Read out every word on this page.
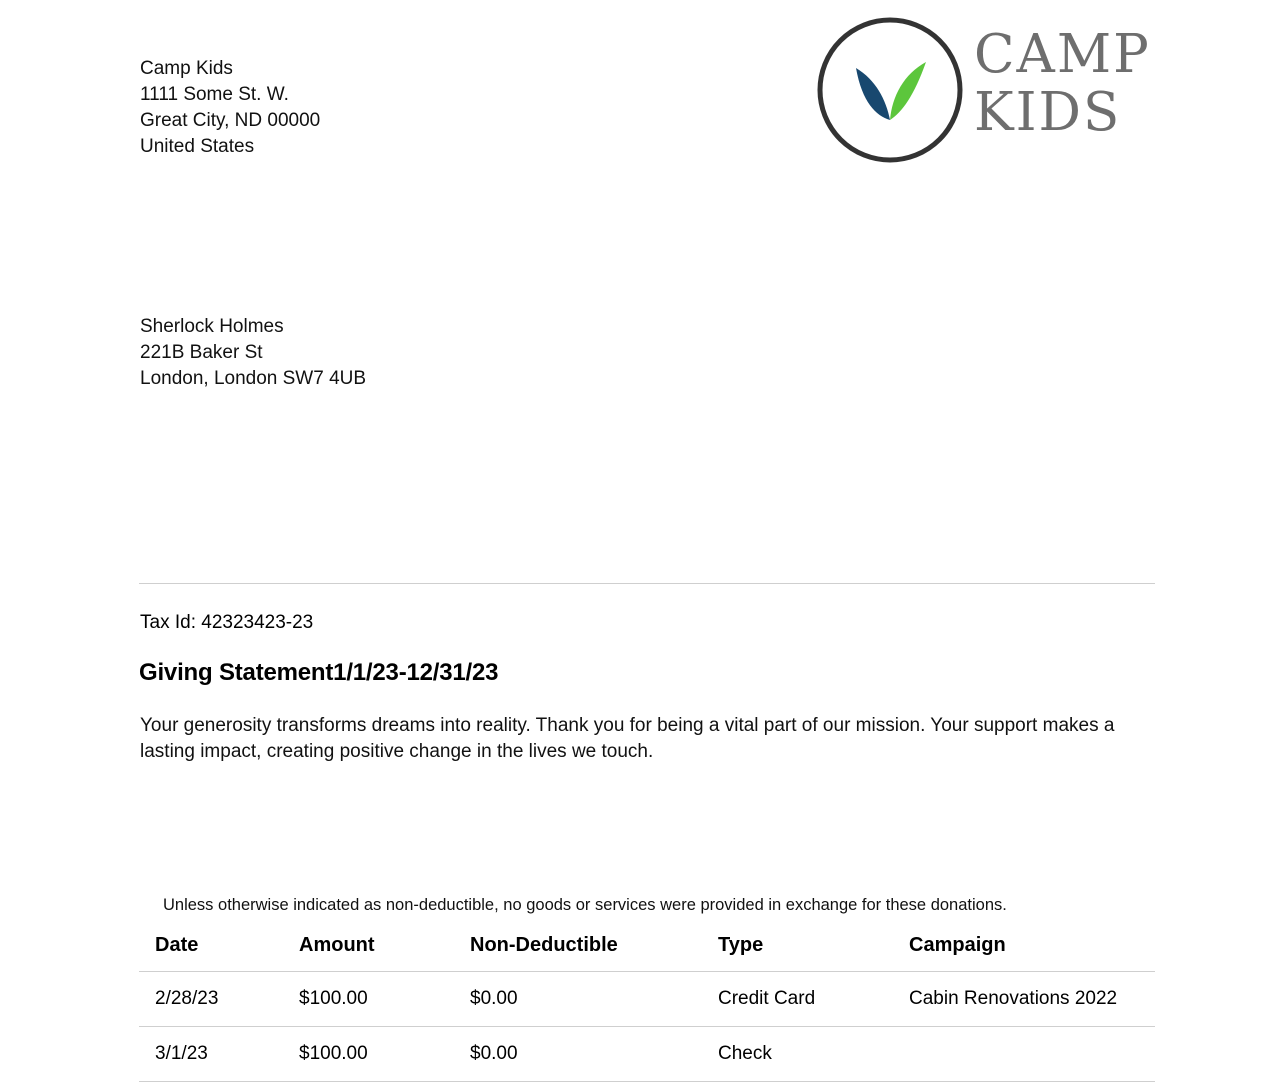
Camp Kids
1111 Some St. W.
Great City, ND 00000
United States
CAMP
KIDS
Sherlock Holmes
221B Baker St
London, London SW7 4UB
Tax Id: 42323423-23
Giving Statement1/1/23-12/31/23
Your generosity transforms dreams into reality. Thank you for being a vital part of our mission. Your support makes a lasting impact, creating positive change in the lives we touch.
Unless otherwise indicated as non-deductible, no goods or services were provided in exchange for these donations.
Date	Amount	Non-Deductible	Type	Campaign
2/28/23	$100.00	$0.00	Credit Card	Cabin Renovations 2022
3/1/23	$100.00	$0.00	Check	
